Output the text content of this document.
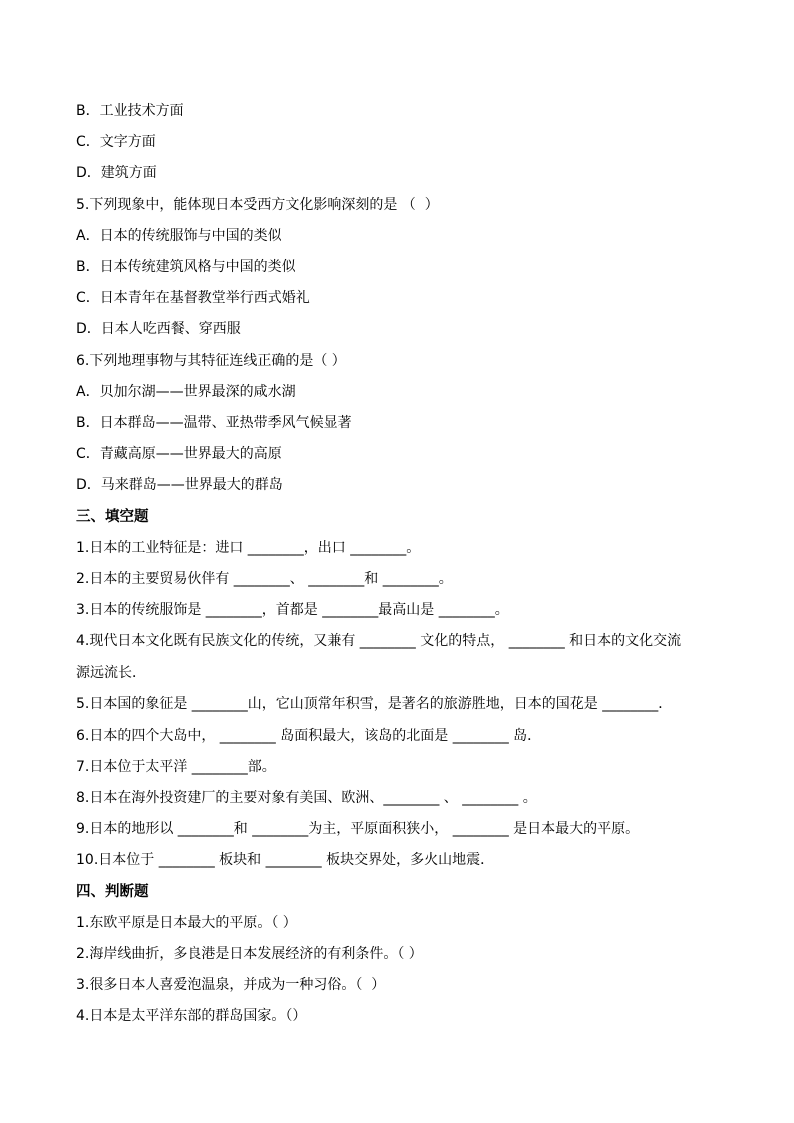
B．工业技术方面
C．文字方面
D．建筑方面
5.下列现象中，能体现日本受西方文化影响深刻的是 （  ）
A．日本的传统服饰与中国的类似
B．日本传统建筑风格与中国的类似
C．日本青年在基督教堂举行西式婚礼
D．日本人吃西餐、穿西服
6.下列地理事物与其特征连线正确的是（ ）
A．贝加尔湖——世界最深的咸水湖
B．日本群岛——温带、亚热带季风气候显著
C．青藏高原——世界最大的高原
D．马来群岛——世界最大的群岛
三、填空题
1.日本的工业特征是：进口 ________，出口 ________。
2.日本的主要贸易伙伴有 ________、 ________和 ________。
3.日本的传统服饰是 ________，首都是 ________最高山是 ________。
4.现代日本文化既有民族文化的传统，又兼有 ________ 文化的特点， ________ 和日本的文化交流
源远流长．
5.日本国的象征是 ________山，它山顶常年积雪，是著名的旅游胜地，日本的国花是 ________．
6.日本的四个大岛中， ________ 岛面积最大，该岛的北面是 ________ 岛．
7.日本位于太平洋 ________部。
8.日本在海外投资建厂的主要对象有美国、欧洲、________ 、 ________ 。
9.日本的地形以 ________和 ________为主，平原面积狭小， ________ 是日本最大的平原。
10.日本位于 ________ 板块和 ________ 板块交界处，多火山地震．
四、判断题
1.东欧平原是日本最大的平原。（ ）
2.海岸线曲折，多良港是日本发展经济的有利条件。（ ）
3.很多日本人喜爱泡温泉，并成为一种习俗。（  ）
4.日本是太平洋东部的群岛国家。（）
